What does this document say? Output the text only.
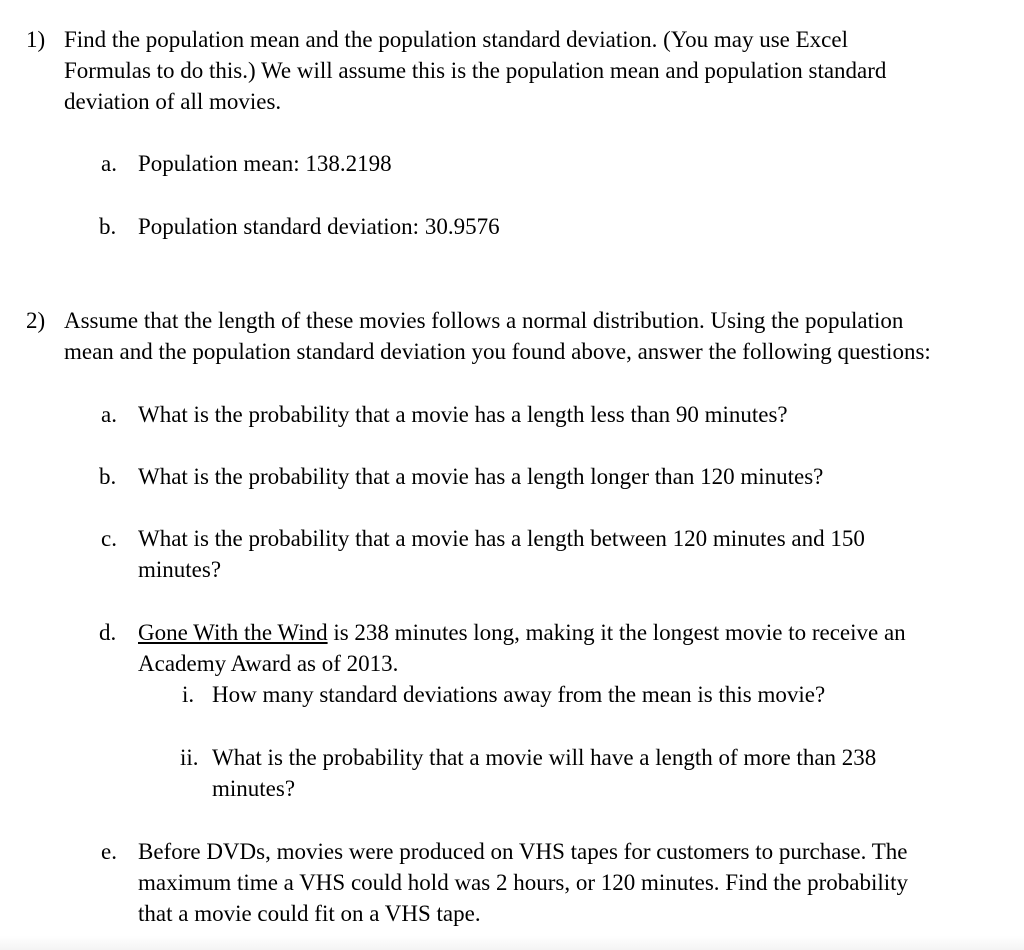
1) Find the population mean and the population standard deviation. (You may use Excel
Formulas to do this.) We will assume this is the population mean and population standard
deviation of all movies.
a. Population mean: 138.2198
b. Population standard deviation: 30.9576
2) Assume that the length of these movies follows a normal distribution. Using the population
mean and the population standard deviation you found above, answer the following questions:
a. What is the probability that a movie has a length less than 90 minutes?
b. What is the probability that a movie has a length longer than 120 minutes?
c. What is the probability that a movie has a length between 120 minutes and 150
minutes?
d. Gone With the Wind is 238 minutes long, making it the longest movie to receive an
Academy Award as of 2013.
i. How many standard deviations away from the mean is this movie?
ii. What is the probability that a movie will have a length of more than 238
minutes?
e. Before DVDs, movies were produced on VHS tapes for customers to purchase. The
maximum time a VHS could hold was 2 hours, or 120 minutes. Find the probability
that a movie could fit on a VHS tape.
